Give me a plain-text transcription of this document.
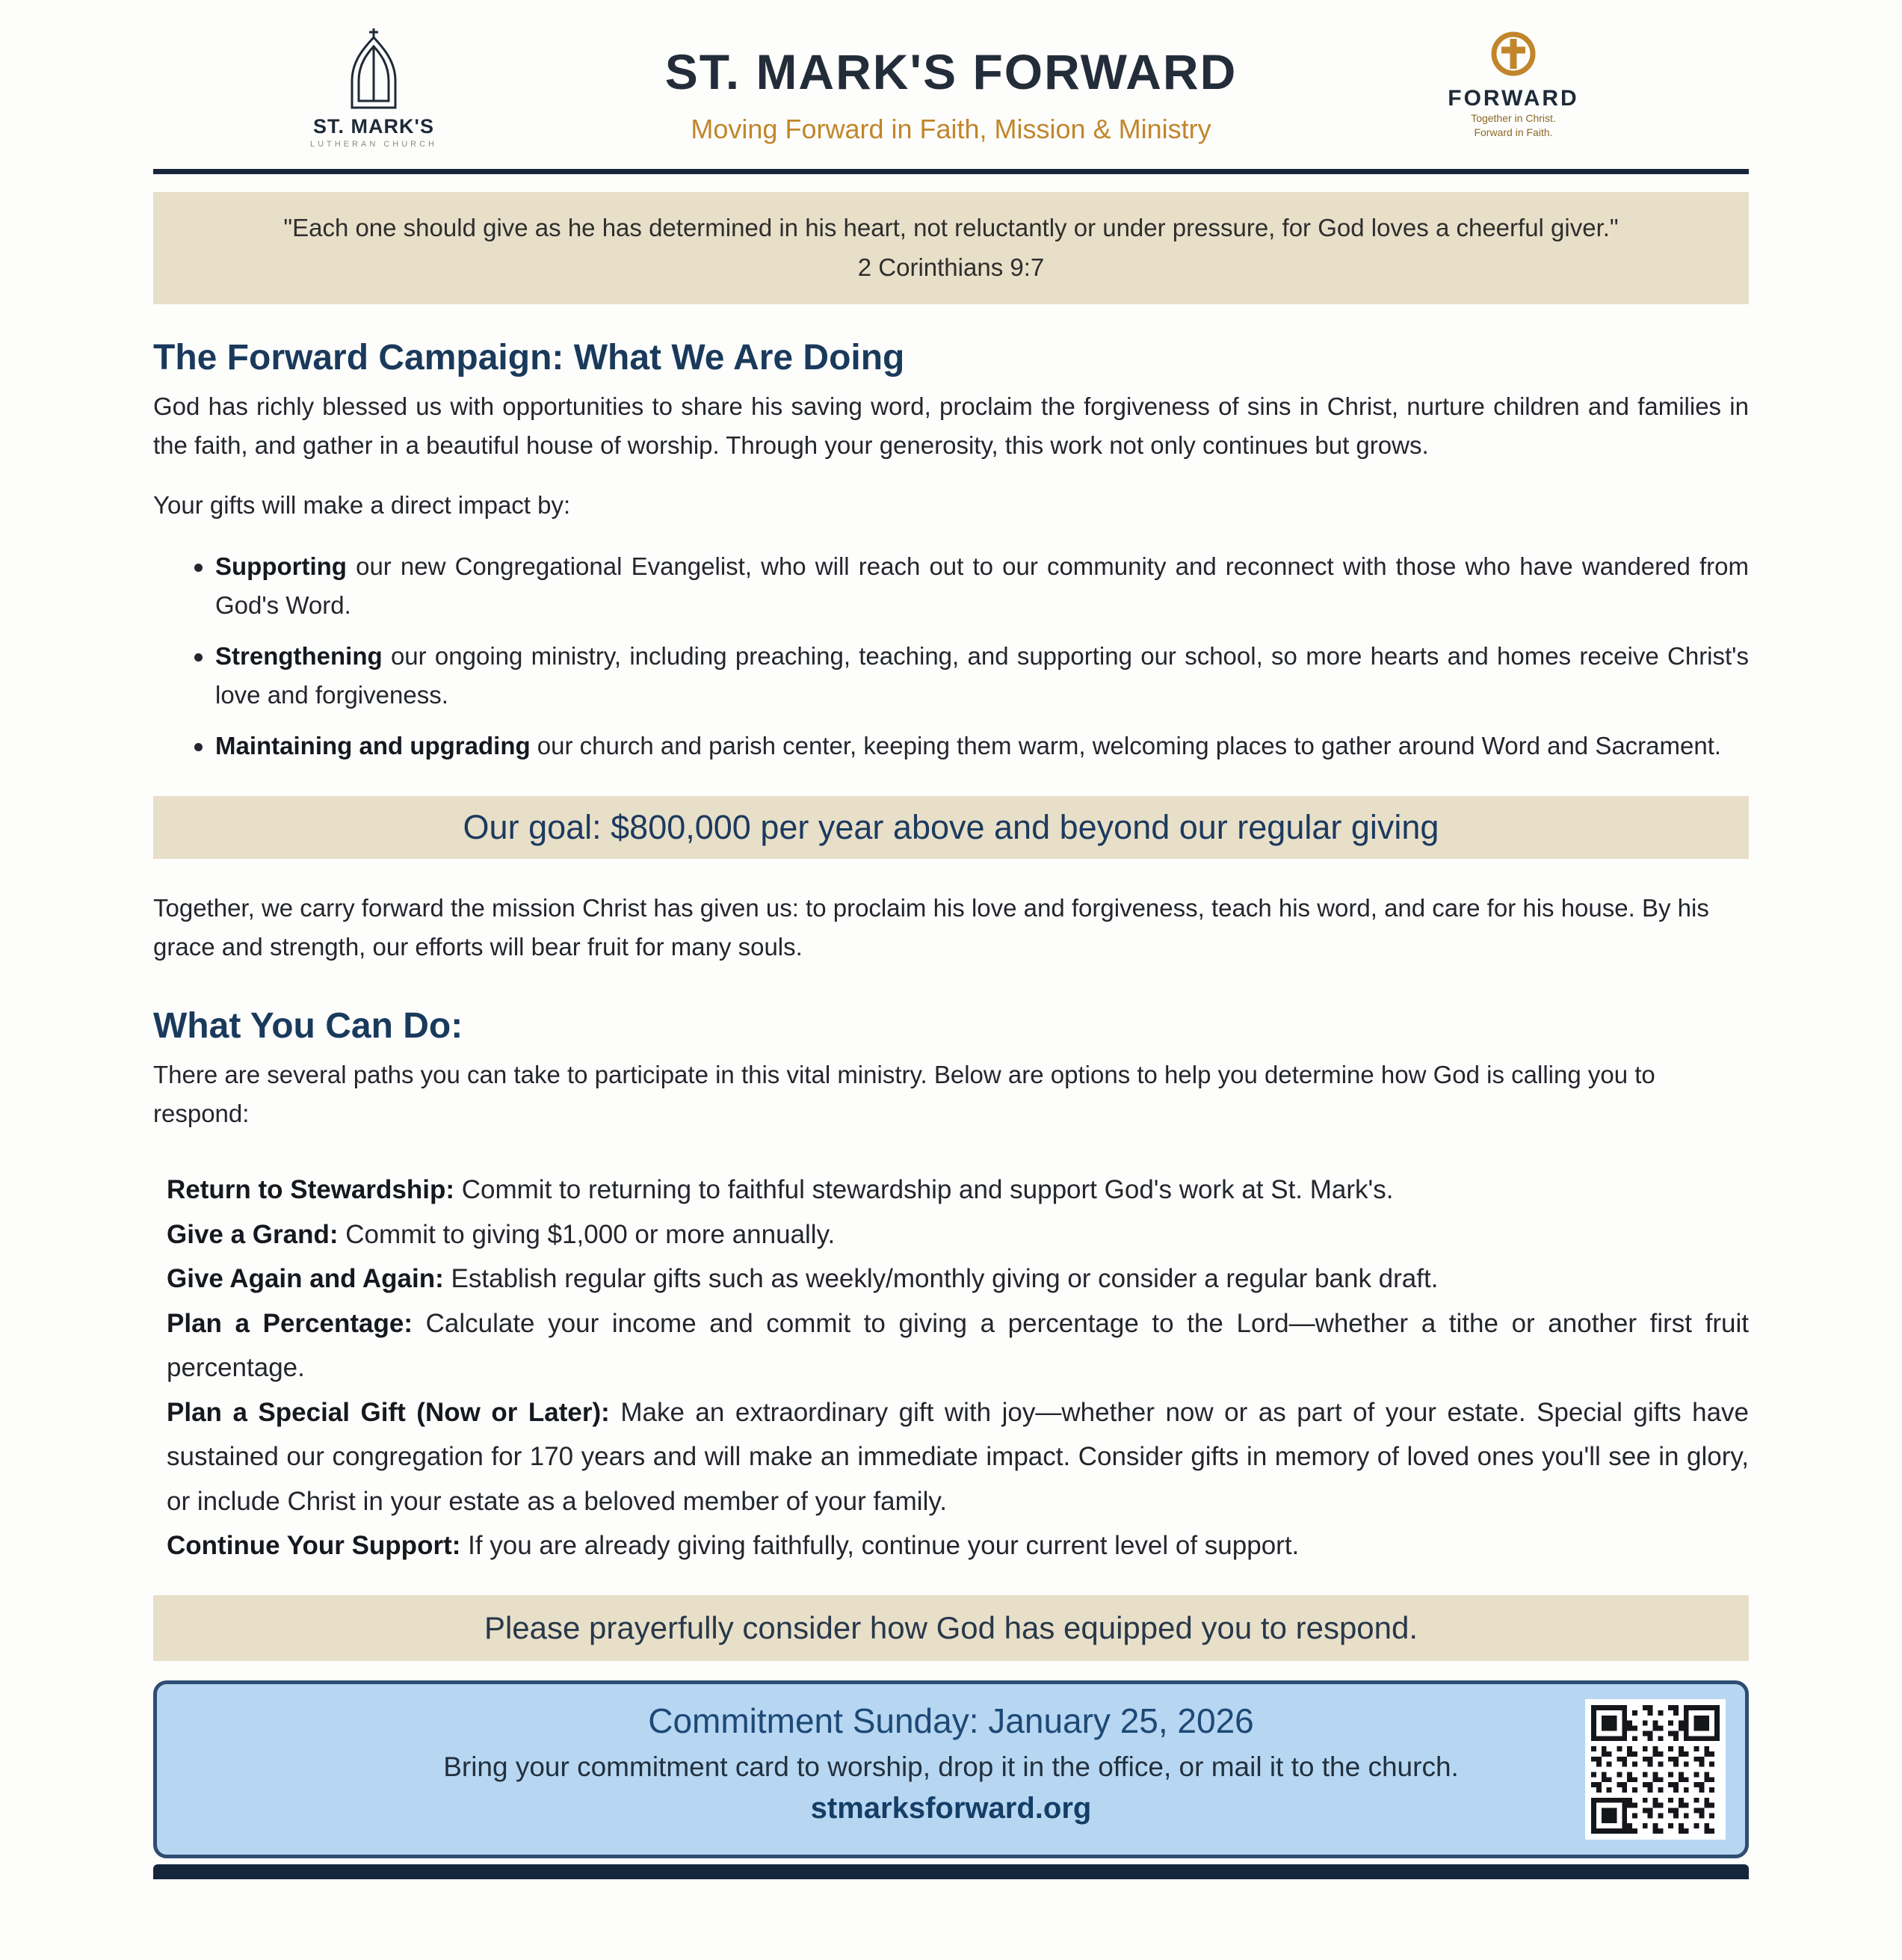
ST. MARK'S
LUTHERAN CHURCH
ST. MARK'S FORWARD
Moving Forward in Faith, Mission & Ministry
FORWARD
Together in Christ.
Forward in Faith.
"Each one should give as he has determined in his heart, not reluctantly or under pressure, for God loves a cheerful giver."
2 Corinthians 9:7
The Forward Campaign: What We Are Doing

God has richly blessed us with opportunities to share his saving word, proclaim the forgiveness of sins in Christ, nurture children and families in the faith, and gather in a beautiful house of worship. Through your generosity, this work not only continues but grows.

Your gifts will make a direct impact by:

Supporting our new Congregational Evangelist, who will reach out to our community and reconnect with those who have wandered from God's Word.
Strengthening our ongoing ministry, including preaching, teaching, and supporting our school, so more hearts and homes receive Christ's love and forgiveness.
Maintaining and upgrading our church and parish center, keeping them warm, welcoming places to gather around Word and Sacrament.
Our goal: $800,000 per year above and beyond our regular giving

Together, we carry forward the mission Christ has given us: to proclaim his love and forgiveness, teach his word, and care for his house. By his grace and strength, our efforts will bear fruit for many souls.

What You Can Do:

There are several paths you can take to participate in this vital ministry. Below are options to help you determine how God is calling you to respond:

Return to Stewardship: Commit to returning to faithful stewardship and support God's work at St. Mark's.

Give a Grand: Commit to giving $1,000 or more annually.

Give Again and Again: Establish regular gifts such as weekly/monthly giving or consider a regular bank draft.

Plan a Percentage: Calculate your income and commit to giving a percentage to the Lord—whether a tithe or another first fruit percentage.

Plan a Special Gift (Now or Later): Make an extraordinary gift with joy—whether now or as part of your estate. Special gifts have sustained our congregation for 170 years and will make an immediate impact. Consider gifts in memory of loved ones you'll see in glory, or include Christ in your estate as a beloved member of your family.

Continue Your Support: If you are already giving faithfully, continue your current level of support.

Please prayerfully consider how God has equipped you to respond.
Commitment Sunday: January 25, 2026
Bring your commitment card to worship, drop it in the office, or mail it to the church.
stmarksforward.org
